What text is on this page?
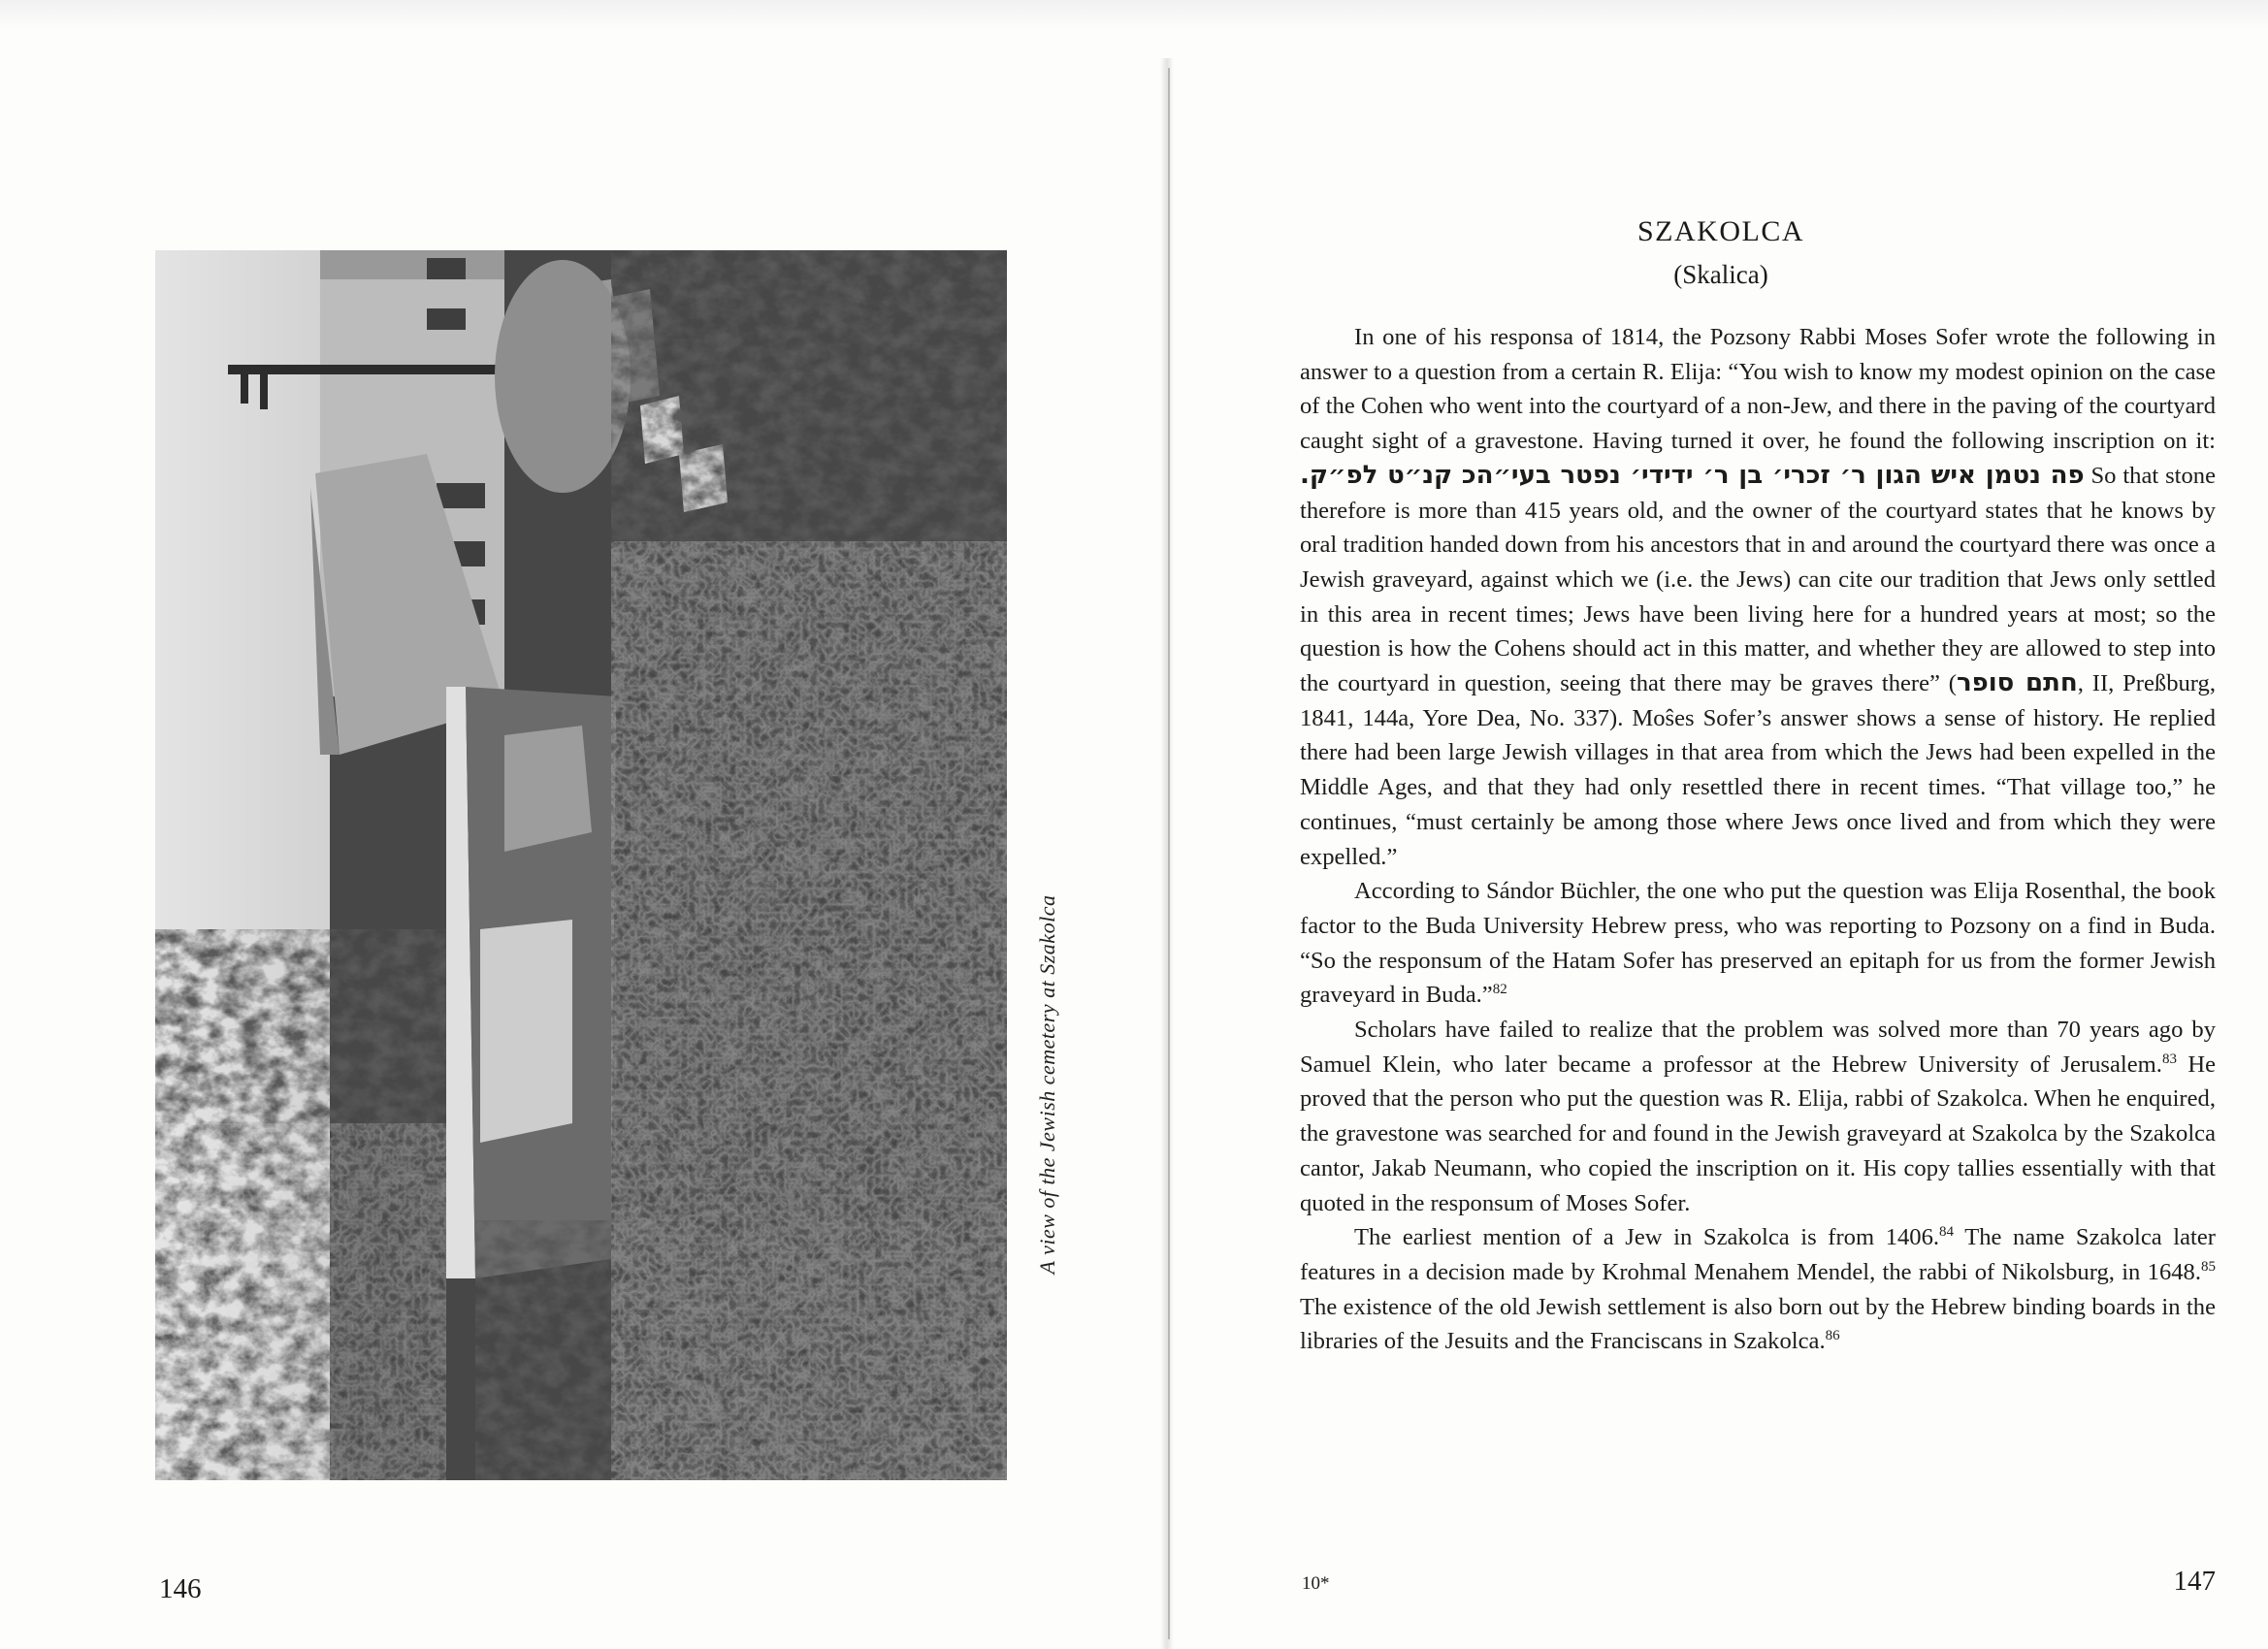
A view of the Jewish cemetery at Szakolca
146
SZAKOLCA
(Skalica)

In one of his responsa of 1814, the Pozsony Rabbi Moses Sofer wrote the following in answer to a question from a certain R. Elija: “You wish to know my modest opinion on the case of the Cohen who went into the courtyard of a non-Jew, and there in the paving of the courtyard caught sight of a gravestone. Having turned it over, he found the following inscription on it: פה נטמן איש הגון ר׳ זכרי׳ בן ר׳ ידידי׳ נפטר בעי״הכ קנ״ט לפ״ק. So that stone therefore is more than 415 years old, and the owner of the courtyard states that he knows by oral tradition handed down from his ancestors that in and around the courtyard there was once a Jewish graveyard, against which we (i.e. the Jews) can cite our tradition that Jews only settled in this area in recent times; Jews have been living here for a hundred years at most; so the question is how the Cohens should act in this matter, and whether they are allowed to step into the courtyard in question, seeing that there may be graves there” (חתם סופר, II, Preßburg, 1841, 144a, Yore Dea, No. 337). Moŝes Sofer’s answer shows a sense of history. He replied there had been large Jewish villages in that area from which the Jews had been expelled in the Middle Ages, and that they had only resettled there in recent times. “That village too,” he continues, “must certainly be among those where Jews once lived and from which they were expelled.”

According to Sándor Büchler, the one who put the question was Elija Rosenthal, the book factor to the Buda University Hebrew press, who was reporting to Pozsony on a find in Buda. “So the responsum of the Hatam Sofer has preserved an epitaph for us from the former Jewish graveyard in Buda.”$^{82}$

Scholars have failed to realize that the problem was solved more than 70 years ago by Samuel Klein, who later became a professor at the Hebrew University of Jerusalem.$^{83}$ He proved that the person who put the question was R. Elija, rabbi of Szakolca. When he enquired, the gravestone was searched for and found in the Jewish graveyard at Szakolca by the Szakolca cantor, Jakab Neumann, who copied the inscription on it. His copy tallies essentially with that quoted in the responsum of Moses Sofer.

The earliest mention of a Jew in Szakolca is from 1406.84 The name Szakolca later features in a decision made by Krohmal Menahem Mendel, the rabbi of Nikolsburg, in 1648.85 The existence of the old Jewish settlement is also born out by the Hebrew binding boards in the libraries of the Jesuits and the Franciscans in Szakolca.$^{86}$

10*	147
